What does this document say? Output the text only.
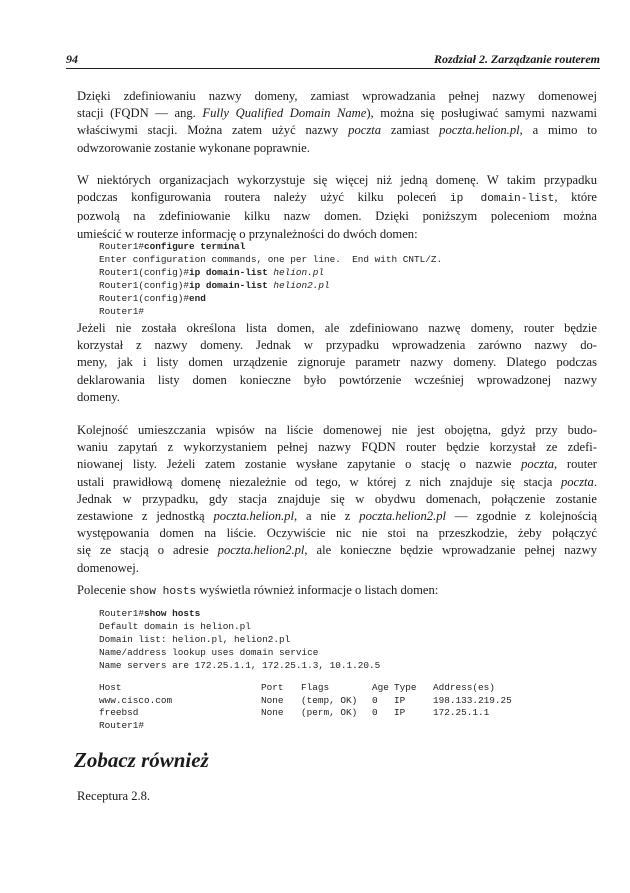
94	Rozdział 2. Zarządzanie routerem
Dzięki zdefiniowaniu nazwy domeny, zamiast wprowadzania pełnej nazwy domenowej
stacji (FQDN — ang. Fully Qualified Domain Name), można się posługiwać samymi nazwami
właściwymi stacji. Można zatem użyć nazwy poczta zamiast poczta.helion.pl, a mimo to
odwzorowanie zostanie wykonane poprawnie.
W niektórych organizacjach wykorzystuje się więcej niż jedną domenę. W takim przypadku
podczas konfigurowania routera należy użyć kilku poleceń ip domain-list, które
pozwolą na zdefiniowanie kilku nazw domen. Dzięki poniższym poleceniom można
umieścić w routerze informację o przynależności do dwóch domen:
Router1#configure terminal
Enter configuration commands, one per line.  End with CNTL/Z.
Router1(config)#ip domain-list helion.pl
Router1(config)#ip domain-list helion2.pl
Router1(config)#end
Router1#
Jeżeli nie została określona lista domen, ale zdefiniowano nazwę domeny, router będzie
korzystał z nazwy domeny. Jednak w przypadku wprowadzenia zarówno nazwy do-
meny, jak i listy domen urządzenie zignoruje parametr nazwy domeny. Dlatego podczas
deklarowania listy domen konieczne było powtórzenie wcześniej wprowadzonej nazwy
domeny.
Kolejność umieszczania wpisów na liście domenowej nie jest obojętna, gdyż przy budo-
waniu zapytań z wykorzystaniem pełnej nazwy FQDN router będzie korzystał ze zdefi-
niowanej listy. Jeżeli zatem zostanie wysłane zapytanie o stację o nazwie poczta, router
ustali prawidłową domenę niezależnie od tego, w której z nich znajduje się stacja poczta.
Jednak w przypadku, gdy stacja znajduje się w obydwu domenach, połączenie zostanie
zestawione z jednostką poczta.helion.pl, a nie z poczta.helion2.pl — zgodnie z kolejnością
występowania domen na liście. Oczywiście nic nie stoi na przeszkodzie, żeby połączyć
się ze stacją o adresie poczta.helion2.pl, ale konieczne będzie wprowadzanie pełnej nazwy
domenowej.
Polecenie show hosts wyświetla również informacje o listach domen:
Router1#show hosts
Default domain is helion.pl
Domain list: helion.pl, helion2.pl
Name/address lookup uses domain service
Name servers are 172.25.1.1, 172.25.1.3, 10.1.20.5
Host	Port Flags	Age Type Address(es)
www.cisco.com	None (temp, OK) 0 IP	198.133.219.25
freebsd	None (perm, OK) 0 IP	172.25.1.1
Router1#
Zobacz również
Receptura 2.8.
